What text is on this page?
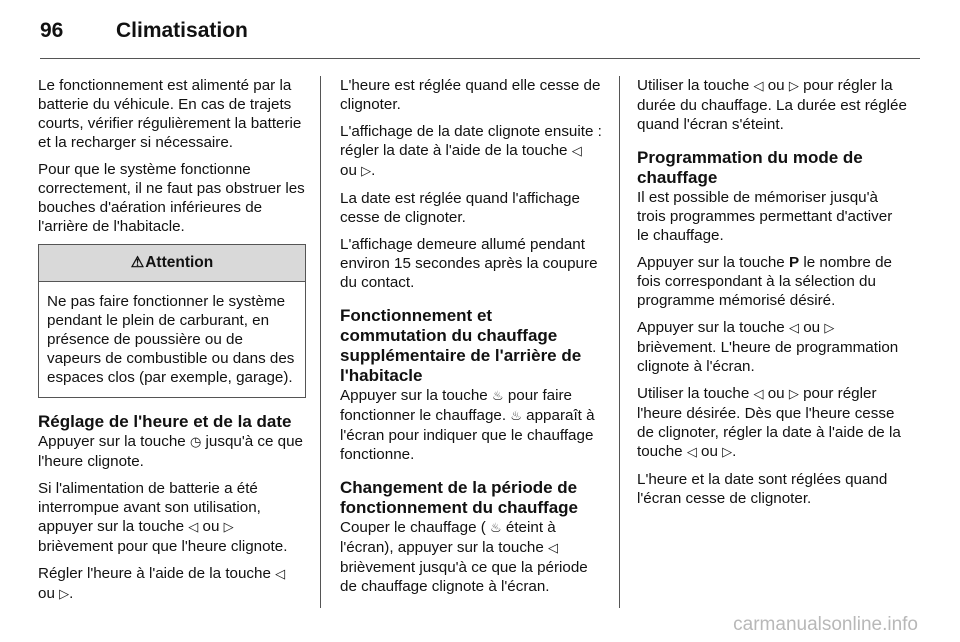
96	Climatisation

Le fonctionnement est alimenté par la batterie du véhicule. En cas de trajets courts, vérifier régulièrement la batterie et la recharger si nécessaire.

Pour que le système fonctionne correctement, il ne faut pas obstruer les bouches d'aération inférieures de l'arrière de l'habitacle.

⚠Attention
Ne pas faire fonctionner le système pendant le plein de carburant, en présence de poussière ou de vapeurs de combustible ou dans des espaces clos (par exemple, garage).
Réglage de l'heure et de la date

Appuyer sur la touche ◷ jusqu'à ce que l'heure clignote.

Si l'alimentation de batterie a été interrompue avant son utilisation, appuyer sur la touche ◁ ou ▷ brièvement pour que l'heure clignote.

Régler l'heure à l'aide de la touche ◁ ou ▷.

L'heure est réglée quand elle cesse de clignoter.

L'affichage de la date clignote ensuite : régler la date à l'aide de la touche ◁ ou ▷.

La date est réglée quand l'affichage cesse de clignoter.

L'affichage demeure allumé pendant environ 15 secondes après la coupure du contact.

Fonctionnement et commutation du chauffage supplémentaire de l'arrière de l'habitacle

Appuyer sur la touche ♨ pour faire fonctionner le chauffage. ♨ apparaît à l'écran pour indiquer que le chauffage fonctionne.

Changement de la période de fonctionnement du chauffage

Couper le chauffage ( ♨ éteint à l'écran), appuyer sur la touche ◁ brièvement jusqu'à ce que la période de chauffage clignote à l'écran.

Utiliser la touche ◁ ou ▷ pour régler la durée du chauffage. La durée est réglée quand l'écran s'éteint.

Programmation du mode de chauffage

Il est possible de mémoriser jusqu'à trois programmes permettant d'activer le chauffage.

Appuyer sur la touche P le nombre de fois correspondant à la sélection du programme mémorisé désiré.

Appuyer sur la touche ◁ ou ▷ brièvement. L'heure de programmation clignote à l'écran.

Utiliser la touche ◁ ou ▷ pour régler l'heure désirée. Dès que l'heure cesse de clignoter, régler la date à l'aide de la touche ◁ ou ▷.

L'heure et la date sont réglées quand l'écran cesse de clignoter.

carmanualsonline.info
